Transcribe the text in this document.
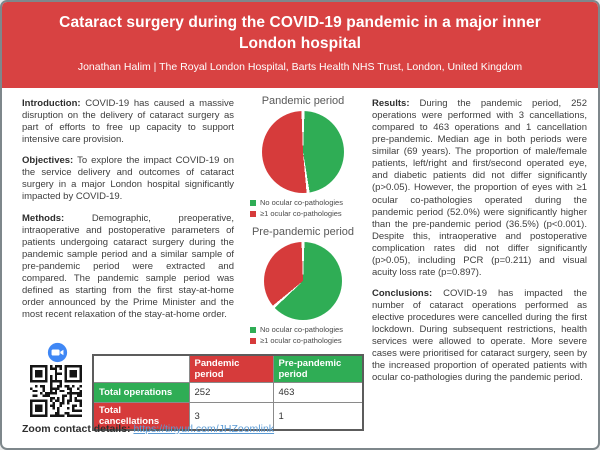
Cataract surgery during the COVID-19 pandemic in a major inner London hospital
Jonathan Halim | The Royal London Hospital, Barts Health NHS Trust, London, United Kingdom

Introduction: COVID-19 has caused a massive disruption on the delivery of cataract surgery as part of efforts to free up capacity to support intensive care provision.

Objectives: To explore the impact COVID-19 on the service delivery and outcomes of cataract surgery in a major London hospital significantly impacted by COVID-19.

Methods:	Demographic, preoperative, intraoperative and postoperative parameters of patients undergoing cataract surgery during the pandemic sample period and a similar sample of pre-pandemic period were extracted and compared. The pandemic sample period was defined as starting from the first stay-at-home order announced by the Prime Minister and the most recent relaxation of the stay-at-home order.

Pandemic period
No ocular co-pathologies
≥1 ocular co-pathologies
Pre-pandemic period
No ocular co-pathologies
≥1 ocular co-pathologies

Results: During the pandemic period, 252 operations were performed with 3 cancellations, compared to 463 operations and 1 cancellation pre-pandemic. Median age in both periods were similar (69 years). The proportion of male/female patients, left/right and first/second operated eye, and diabetic patients did not differ significantly (p>0.05). However, the proportion of eyes with ≥1 ocular co-pathologies operated during the pandemic period (52.0%) were significantly higher than the pre-pandemic period (36.5%) (p<0.001). Despite this, intraoperative and postoperative complication rates did not differ significantly (p>0.05), including PCR (p=0.211) and visual acuity loss rate (p=0.897).

Conclusions: COVID-19 has impacted the number of cataract operations performed as elective procedures were cancelled during the first lockdown. During subsequent restrictions, health services were allowed to operate. More severe cases were prioritised for cataract surgery, seen by the increased proportion of operated patients with ocular co-pathologies during the pandemic period.

	Pandemic period	Pre-pandemic period
Total operations	252	463
Total cancellations	3	1
Zoom contact details: https://tinyurl.com/JHZoomlink
